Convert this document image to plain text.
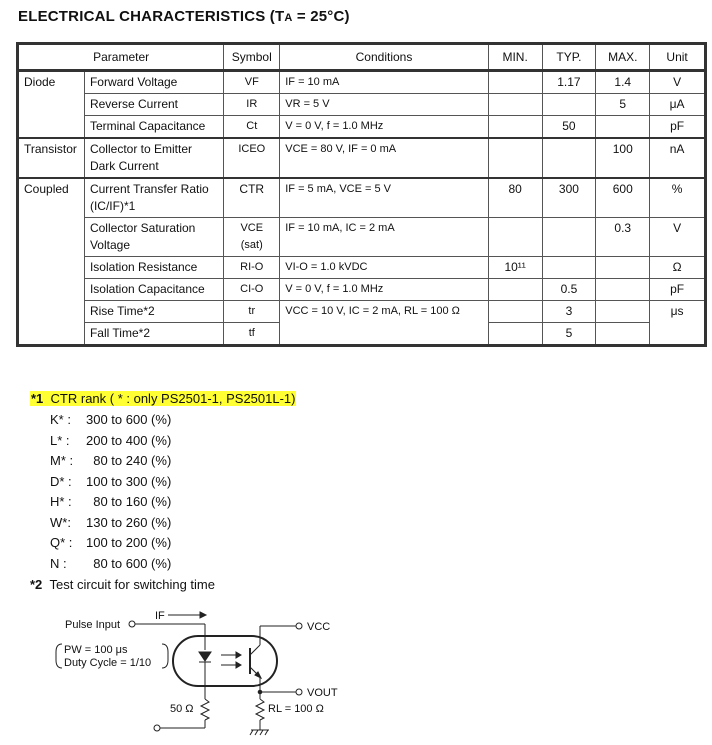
ELECTRICAL CHARACTERISTICS (TA = 25°C)
Parameter		Symbol	Conditions	MIN.	TYP.	MAX.	Unit
Diode	Forward Voltage	VF	IF = 10 mA		1.17	1.4	V
	Reverse Current	IR	VR = 5 V			5	μA
	Terminal Capacitance	Ct	V = 0 V, f = 1.0 MHz		50		pF
Transistor	Collector to Emitter Dark Current	ICEO	VCE = 80 V, IF = 0 mA			100	nA
Coupled	Current Transfer Ratio (IC/IF)*1	CTR	IF = 5 mA, VCE = 5 V	80	300	600	%
	Collector Saturation Voltage	VCE (sat)	IF = 10 mA, IC = 2 mA			0.3	V
	Isolation Resistance	RI-O	VI-O = 1.0 kVDC	10¹¹			Ω
	Isolation Capacitance	CI-O	V = 0 V, f = 1.0 MHz		0.5		pF
	Rise Time*2	tr	VCC = 10 V, IC = 2 mA, RL = 100 Ω		3		μs
	Fall Time*2	tf			5		
*1 CTR rank ( * : only PS2501-1, PS2501L-1)
K* : 300 to 600 (%)
L* : 200 to 400 (%)
M* :  80 to 240 (%)
D* : 100 to 300 (%)
H* :  80 to 160 (%)
W*: 130 to 260 (%)
Q* : 100 to 200 (%)
N :  80 to 600 (%)
*2 Test circuit for switching time
Pulse Input
IF
VCC
VOUT
PW = 100 μs
Duty Cycle = 1/10
50 Ω	RL = 100 Ω
